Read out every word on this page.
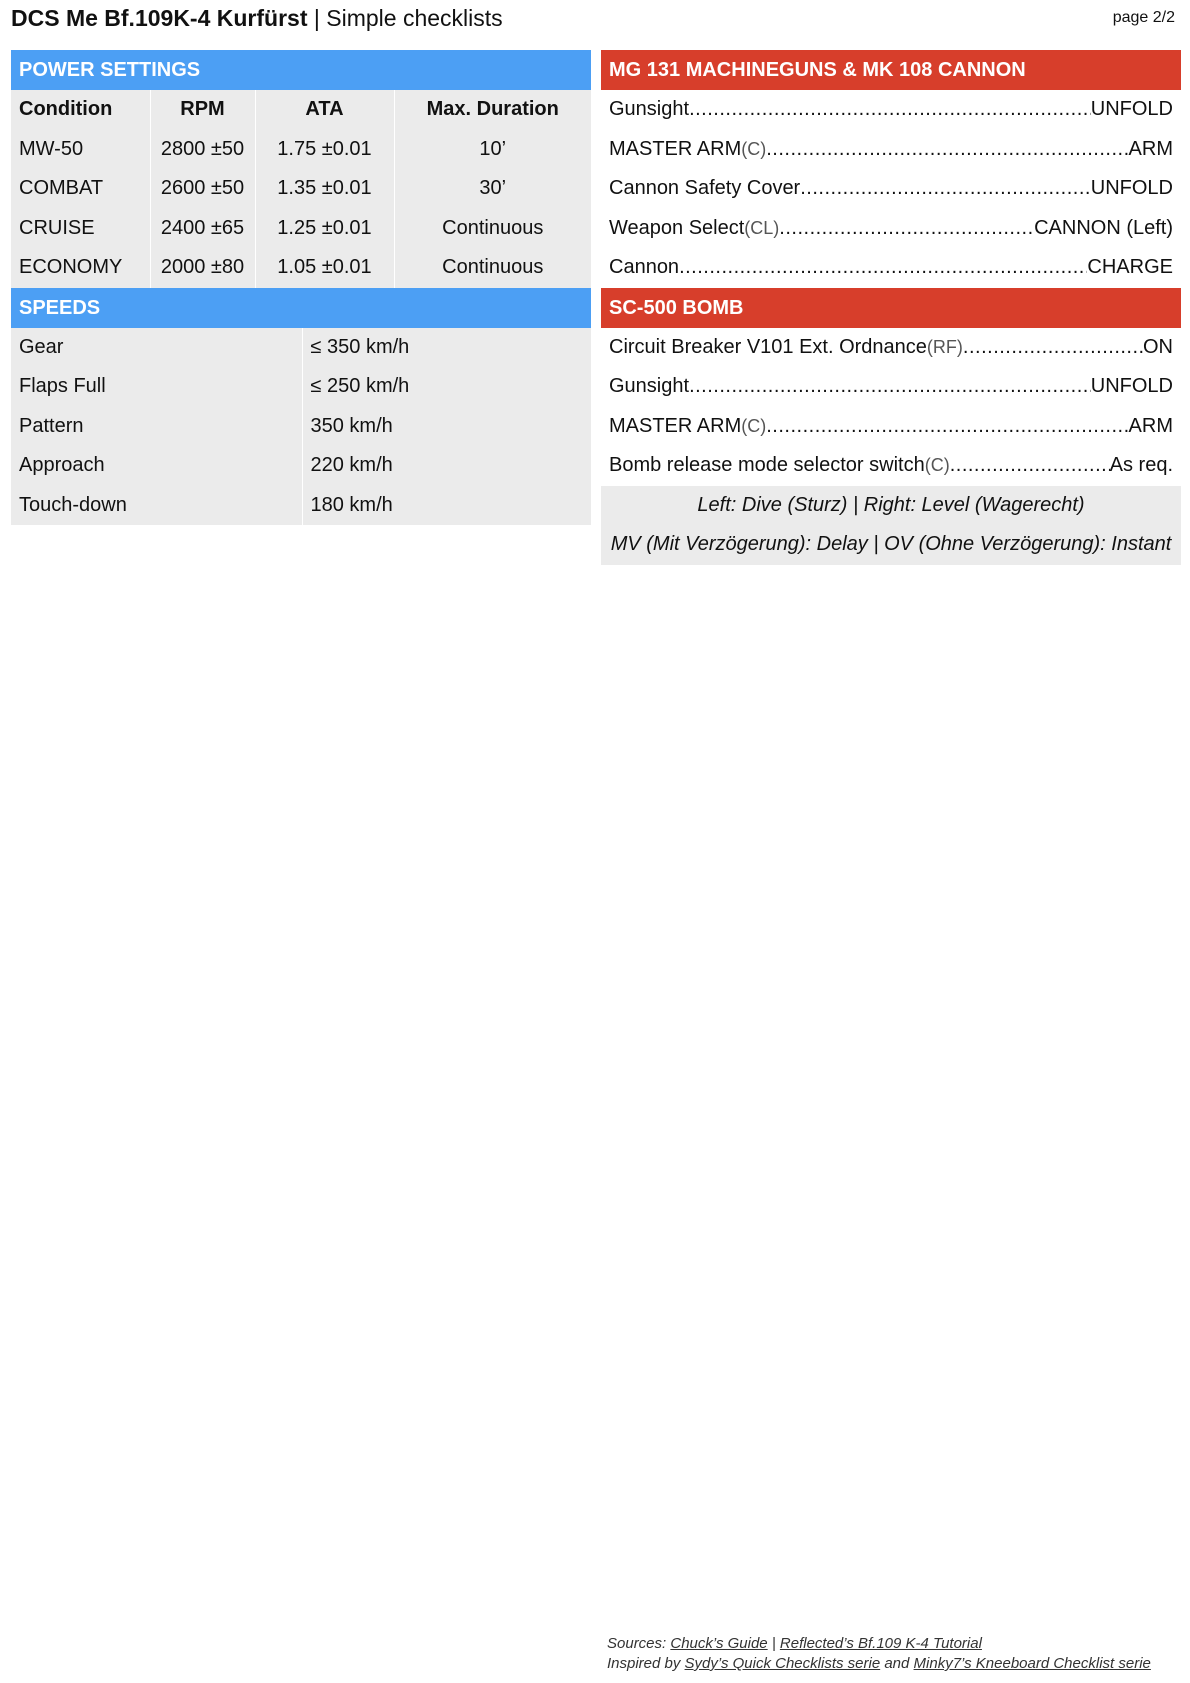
DCS Me Bf.109K-4 Kurfürst | Simple checklists	page 2/2
POWER SETTINGS
Condition	RPM	ATA	Max. Duration
MW-50	2800 ±50	1.75 ±0.01	10’
COMBAT	2600 ±50	1.35 ±0.01	30’
CRUISE	2400 ±65	1.25 ±0.01	Continuous
ECONOMY	2000 ±80	1.05 ±0.01	Continuous
SPEEDS
Gear	≤ 350 km/h
Flaps Full	≤ 250 km/h
Pattern	350 km/h
Approach	220 km/h
Touch-down	180 km/h
MG 131 MACHINEGUNS & MK 108 CANNON
Gunsight .....	UNFOLD
MASTER ARM (C) .....	ARM
Cannon Safety Cover .....	UNFOLD
Weapon Select (CL) .....	CANNON (Left)
Cannon .....	CHARGE
SC-500 BOMB
Circuit Breaker V101 Ext. Ordnance (RF) .....	ON
Gunsight .....	UNFOLD
MASTER ARM (C) .....	ARM
Bomb release mode selector switch (C) .....	As req.
Left: Dive (Sturz) | Right: Level (Wagerecht)
MV (Mit Verzögerung): Delay | OV (Ohne Verzögerung): Instant
Sources: Chuck’s Guide | Reflected’s Bf.109 K-4 Tutorial
Inspired by Sydy’s Quick Checklists serie and Minky7’s Kneeboard Checklist serie
